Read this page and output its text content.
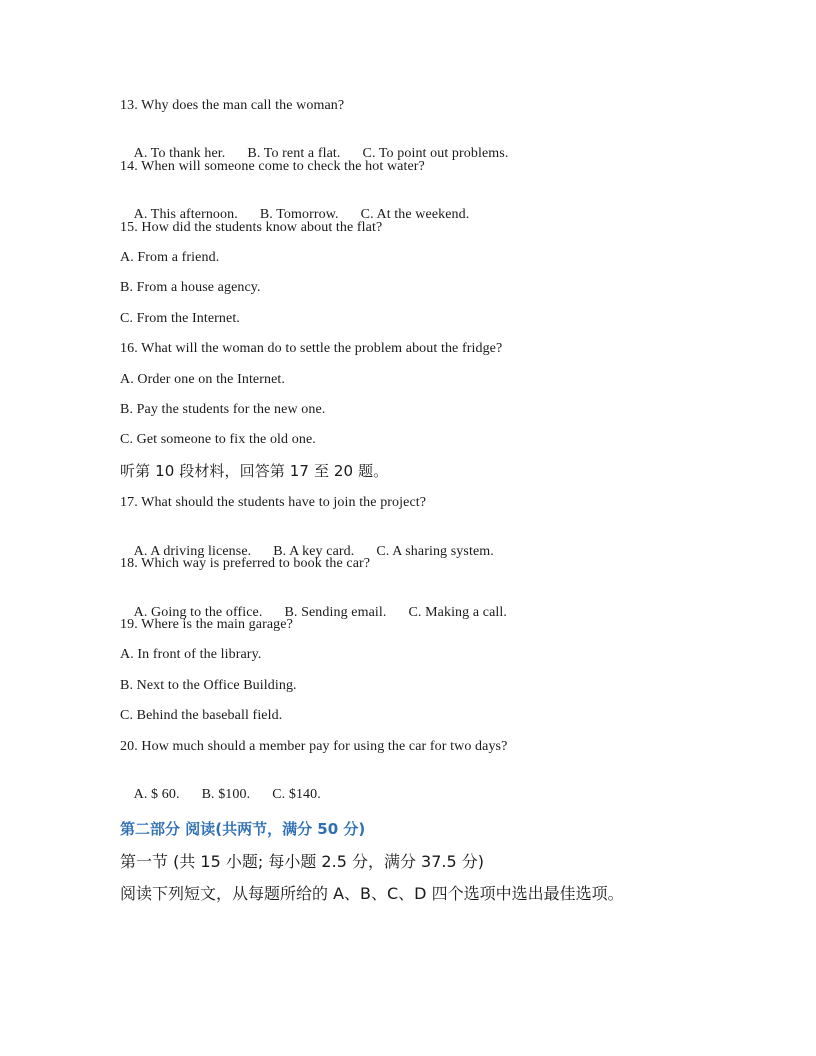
13. Why does the man call the woman?

A. To thank her. B. To rent a flat. C. To point out problems.

14. When will someone come to check the hot water?

A. This afternoon. B. Tomorrow. C. At the weekend.

15. How did the students know about the flat?
A. From a friend.
B. From a house agency.
C. From the Internet.
16. What will the woman do to settle the problem about the fridge?
A. Order one on the Internet.
B. Pay the students for the new one.
C. Get someone to fix the old one.
听第 10 段材料，回答第 17 至 20 题。
17. What should the students have to join the project?

A. A driving license. B. A key card. C. A sharing system.

18. Which way is preferred to book the car?

A. Going to the office. B. Sending email. C. Making a call.

19. Where is the main garage?
A. In front of the library.
B. Next to the Office Building.
C. Behind the baseball field.
20. How much should a member pay for using the car for two days?

A. $ 60. B. $100. C. $140.

第二部分 阅读(共两节，满分 50 分)
第一节 (共 15 小题; 每小题 2.5 分，满分 37.5 分)
阅读下列短文，从每题所给的 A、B、C、D 四个选项中选出最佳选项。
